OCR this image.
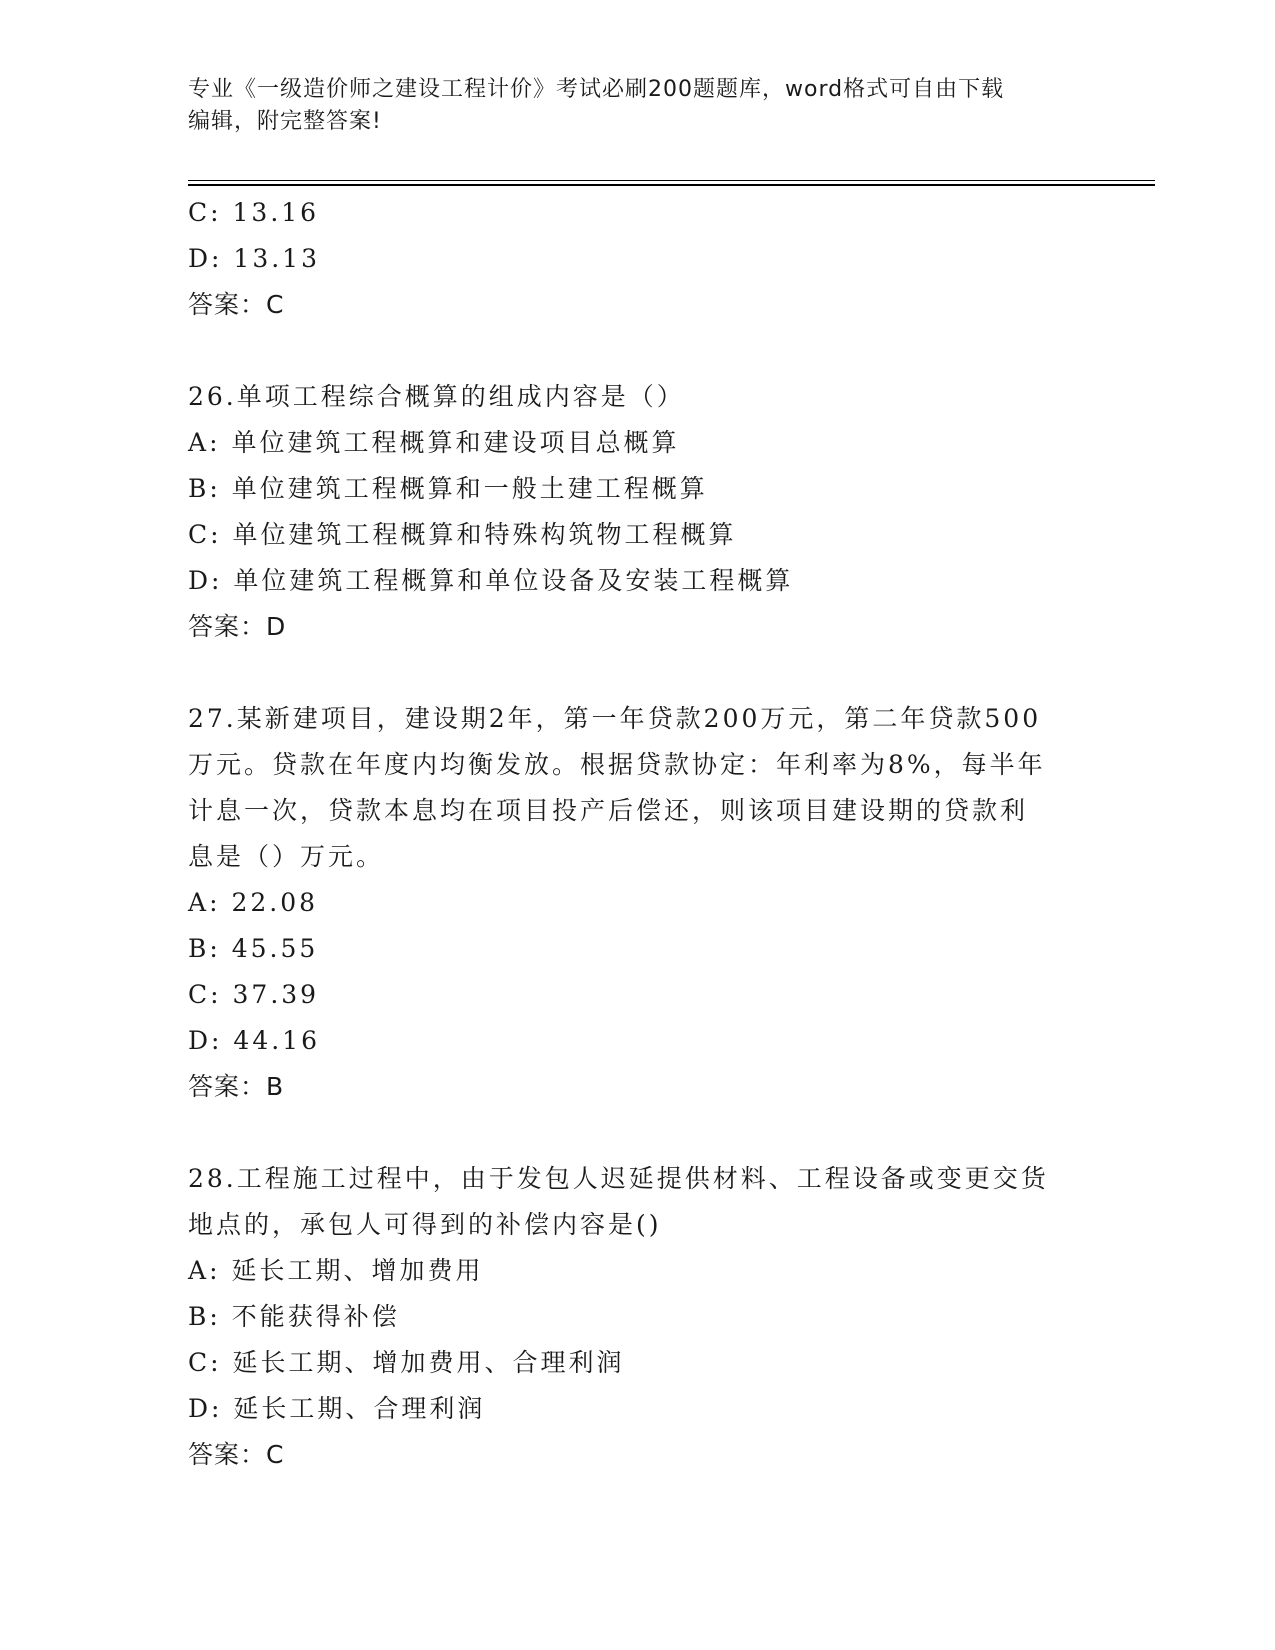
专业《一级造价师之建设工程计价》考试必刷200题题库，word格式可自由下载
编辑，附完整答案!
C: 13.16
D: 13.13
答案：C
26.单项工程综合概算的组成内容是（）
A: 单位建筑工程概算和建设项目总概算
B: 单位建筑工程概算和一般土建工程概算
C: 单位建筑工程概算和特殊构筑物工程概算
D: 单位建筑工程概算和单位设备及安装工程概算
答案：D
27.某新建项目，建设期2年，第一年贷款200万元，第二年贷款500
万元。贷款在年度内均衡发放。根据贷款协定：年利率为8%，每半年
计息一次，贷款本息均在项目投产后偿还，则该项目建设期的贷款利
息是（）万元。
A: 22.08
B: 45.55
C: 37.39
D: 44.16
答案：B
28.工程施工过程中，由于发包人迟延提供材料、工程设备或变更交货
地点的，承包人可得到的补偿内容是()
A: 延长工期、增加费用
B: 不能获得补偿
C: 延长工期、增加费用、合理利润
D: 延长工期、合理利润
答案：C
